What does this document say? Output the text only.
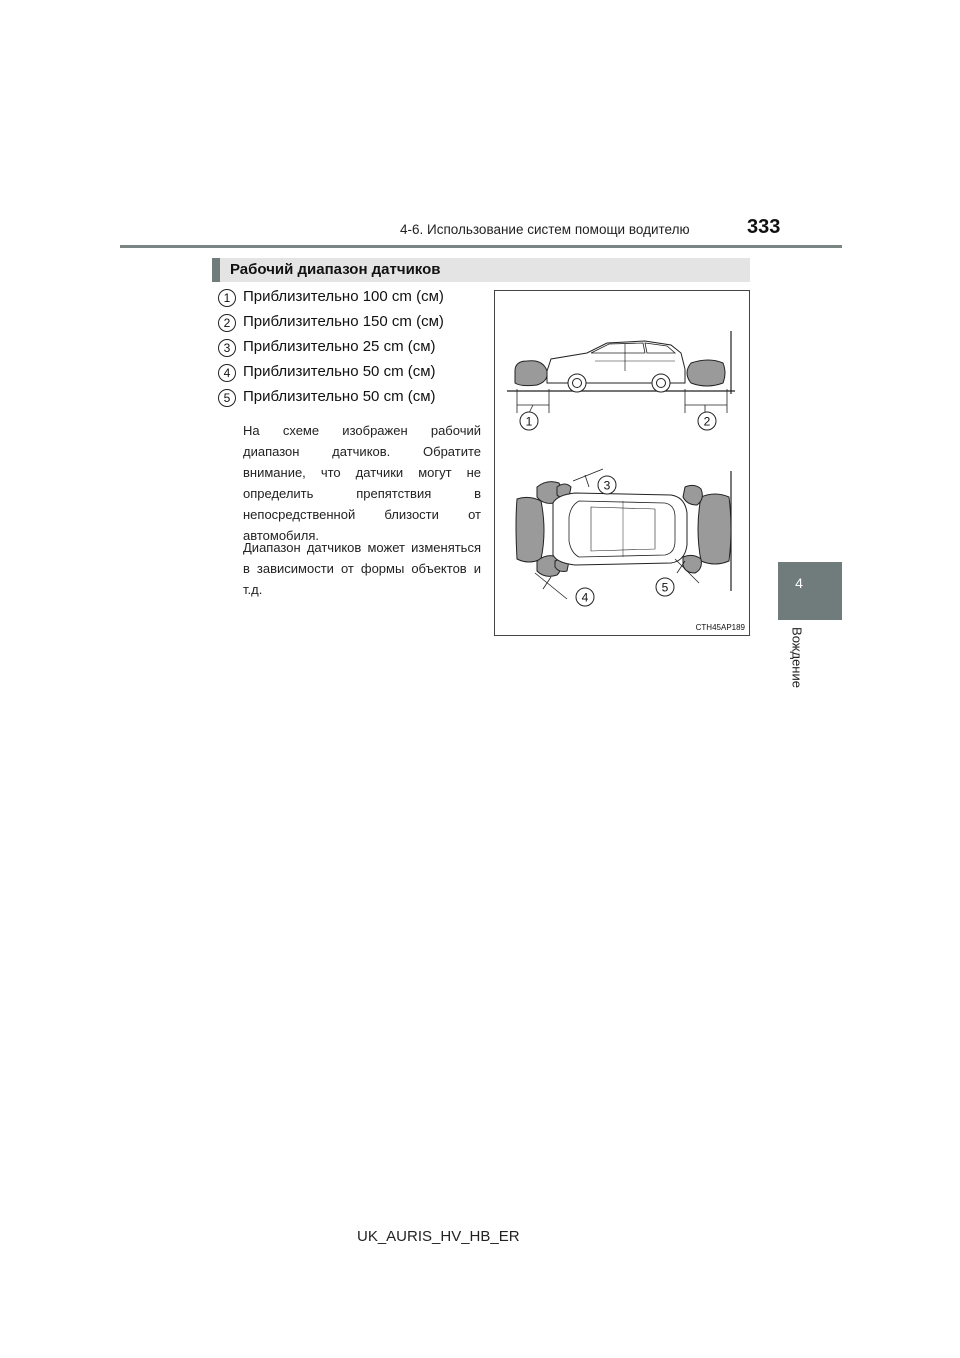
4-6. Использование систем помощи водителю	333
4
Вождение
Рабочий диапазон датчиков
1 Приблизительно 100 cm (см)
2 Приблизительно 150 cm (см)
3 Приблизительно 25 cm (см)
4 Приблизительно 50 cm (см)
5 Приблизительно 50 cm (см)
На схеме изображен рабочий диапазон датчиков. Обратите внимание, что датчики могут не определить препятствия в непосредственной близости от автомобиля.
Диапазон датчиков может изменяться в зависимости от формы объектов и т.д.
1	2
3
4
5
CTH45AP189
UK_AURIS_HV_HB_ER
